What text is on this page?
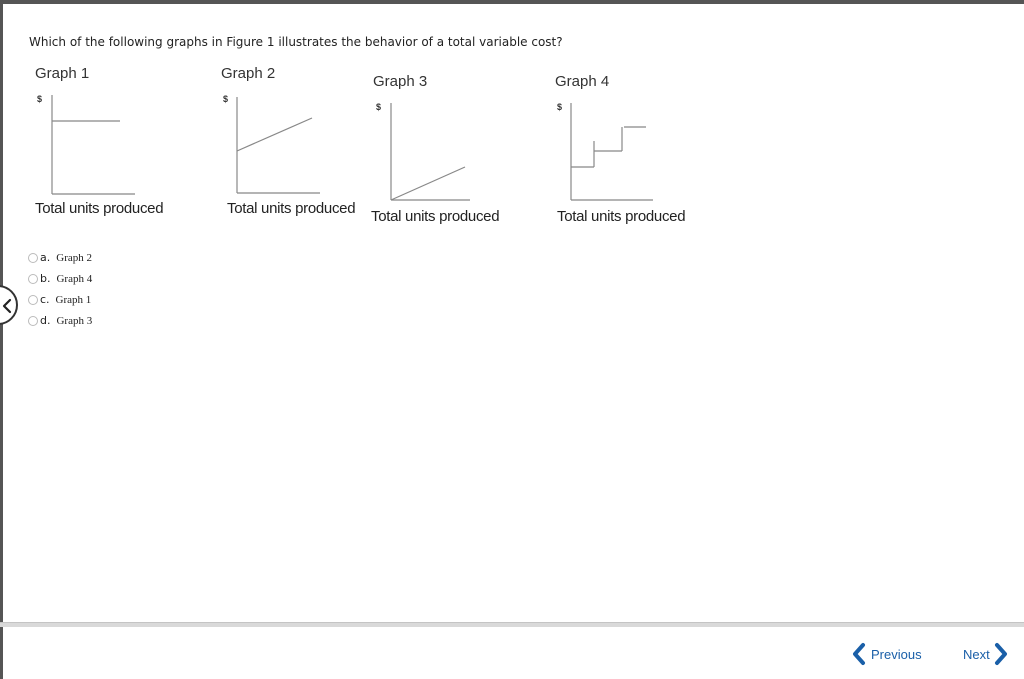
Which of the following graphs in Figure 1 illustrates the behavior of a total variable cost?
Graph 1
$
Total units produced
Graph 2
$
Total units produced
Graph 3
$
Total units produced
Graph 4
$
Total units produced
a. Graph 2
b. Graph 4
c. Graph 1
d. Graph 3
Previous	Next
